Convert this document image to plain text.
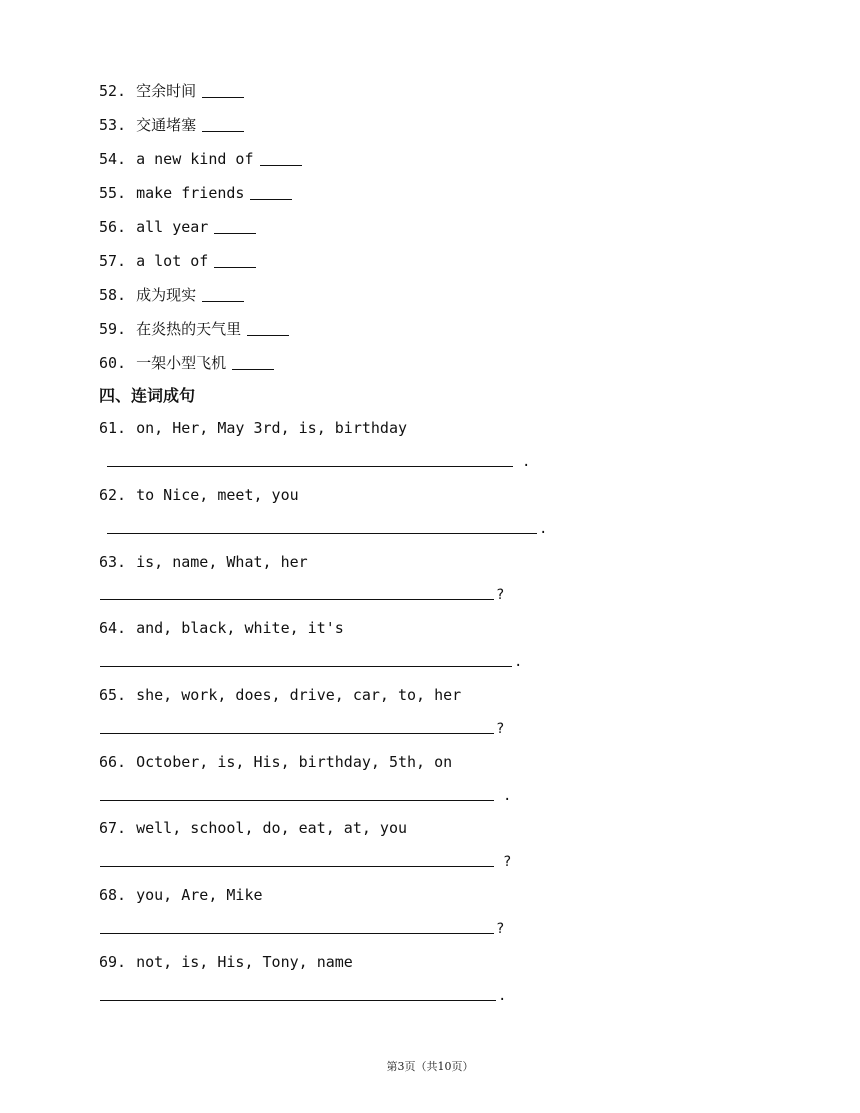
52. 空余时间
53. 交通堵塞
54. a new kind of
55. make friends
56. all year
57. a lot of
58. 成为现实
59. 在炎热的天气里
60. 一架小型飞机
四、连词成句
61. on, Her, May 3rd, is, birthday
.
62. to Nice, meet, you
.
63. is, name, What, her
?
64. and, black, white, it's
.
65. she, work, does, drive, car, to, her
?
66. October, is, His, birthday, 5th, on
.
67. well, school, do, eat, at, you
?
68. you, Are, Mike
?
69. not, is, His, Tony, name
.
第3页（共10页）
